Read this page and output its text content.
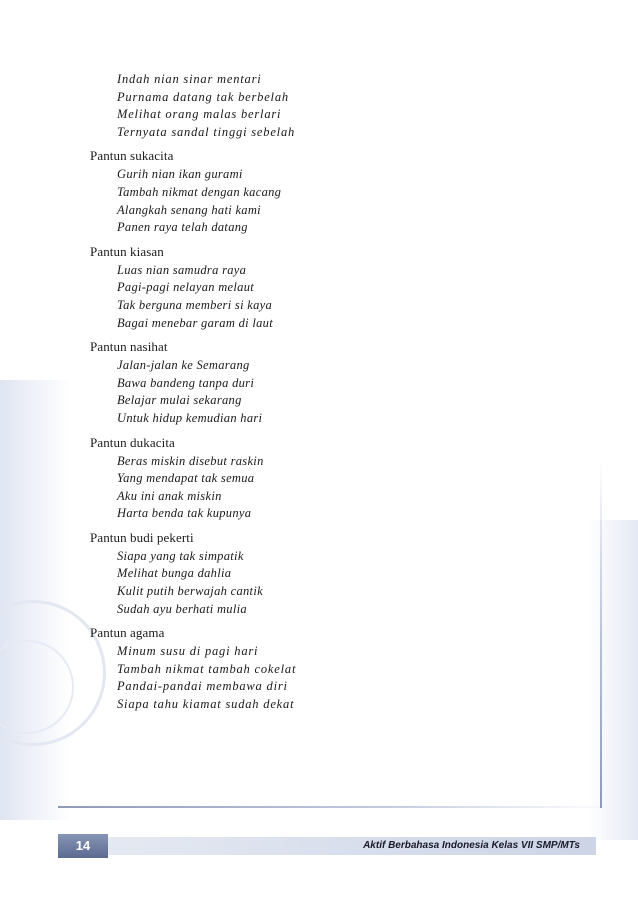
Indah nian sinar mentari
Purnama datang tak berbelah
Melihat orang malas berlari
Ternyata sandal tinggi sebelah
Pantun sukacita
Gurih nian ikan gurami
Tambah nikmat dengan kacang
Alangkah senang hati kami
Panen raya telah datang
Pantun kiasan
Luas nian samudra raya
Pagi-pagi nelayan melaut
Tak berguna memberi si kaya
Bagai menebar garam di laut
Pantun nasihat
Jalan-jalan ke Semarang
Bawa bandeng tanpa duri
Belajar mulai sekarang
Untuk hidup kemudian hari
Pantun dukacita
Beras miskin disebut raskin
Yang mendapat tak semua
Aku ini anak miskin
Harta benda tak kupunya
Pantun budi pekerti
Siapa yang tak simpatik
Melihat bunga dahlia
Kulit putih berwajah cantik
Sudah ayu berhati mulia
Pantun agama
Minum susu di pagi hari
Tambah nikmat tambah cokelat
Pandai-pandai membawa diri
Siapa tahu kiamat sudah dekat
14	Aktif Berbahasa Indonesia Kelas VII SMP/MTs
